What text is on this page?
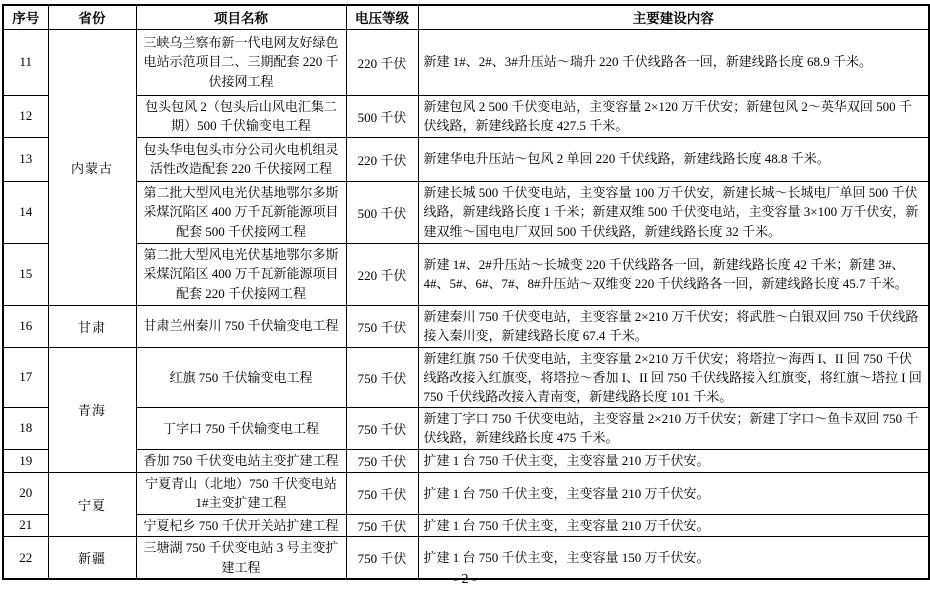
序号	省份	项目名称	电压等级	主要建设内容
11	内蒙古	三峡乌兰察布新一代电网友好绿色电站示范项目二、三期配套 220 千伏接网工程	220 千伏	新建 1#、2#、3#升压站～瑞升 220 千伏线路各一回，新建线路长度 68.9 千米。
12		包头包风 2（包头后山风电汇集二期）500 千伏输变电工程	500 千伏	新建包风 2 500 千伏变电站，主变容量 2×120 万千伏安；新建包风 2～英华双回 500 千伏线路，新建线路长度 427.5 千米。
13		包头华电包头市分公司火电机组灵活性改造配套 220 千伏接网工程	220 千伏	新建华电升压站～包风 2 单回 220 千伏线路，新建线路长度 48.8 千米。
14		第二批大型风电光伏基地鄂尔多斯采煤沉陷区 400 万千瓦新能源项目配套 500 千伏接网工程	500 千伏	新建长城 500 千伏变电站，主变容量 100 万千伏安，新建长城～长城电厂单回 500 千伏线路，新建线路长度 1 千米；新建双维 500 千伏变电站，主变容量 3×100 万千伏安，新建双维～国电电厂双回 500 千伏线路，新建线路长度 32 千米。
15		第二批大型风电光伏基地鄂尔多斯采煤沉陷区 400 万千瓦新能源项目配套 220 千伏接网工程	220 千伏	新建 1#、2#升压站～长城变 220 千伏线路各一回，新建线路长度 42 千米；新建 3#、4#、5#、6#、7#、8#升压站～双维变 220 千伏线路各一回，新建线路长度 45.7 千米。
16	甘肃	甘肃兰州秦川 750 千伏输变电工程	750 千伏	新建秦川 750 千伏变电站，主变容量 2×210 万千伏安；将武胜～白银双回 750 千伏线路接入秦川变，新建线路长度 67.4 千米。
17	青海	红旗 750 千伏输变电工程	750 千伏	新建红旗 750 千伏变电站，主变容量 2×210 万千伏安；将塔拉～海西 I、II 回 750 千伏线路改接入红旗变，将塔拉～香加 I、II 回 750 千伏线路接入红旗变，将红旗～塔拉 I 回 750 千伏线路改接入青南变，新建线路长度 101 千米。
18		丁字口 750 千伏输变电工程	750 千伏	新建丁字口 750 千伏变电站，主变容量 2×210 万千伏安；新建丁字口～鱼卡双回 750 千伏线路，新建线路长度 475 千米。
19		香加 750 千伏变电站主变扩建工程	750 千伏	扩建 1 台 750 千伏主变，主变容量 210 万千伏安。
20	宁夏	宁夏青山（北地）750 千伏变电站 1#主变扩建工程	750 千伏	扩建 1 台 750 千伏主变，主变容量 210 万千伏安。
21		宁夏杞乡 750 千伏开关站扩建工程	750 千伏	扩建 1 台 750 千伏主变，主变容量 210 万千伏安。
22	新疆	三塘湖 750 千伏变电站 3 号主变扩建工程	750 千伏	扩建 1 台 750 千伏主变，主变容量 150 万千伏安。
- 2 -
